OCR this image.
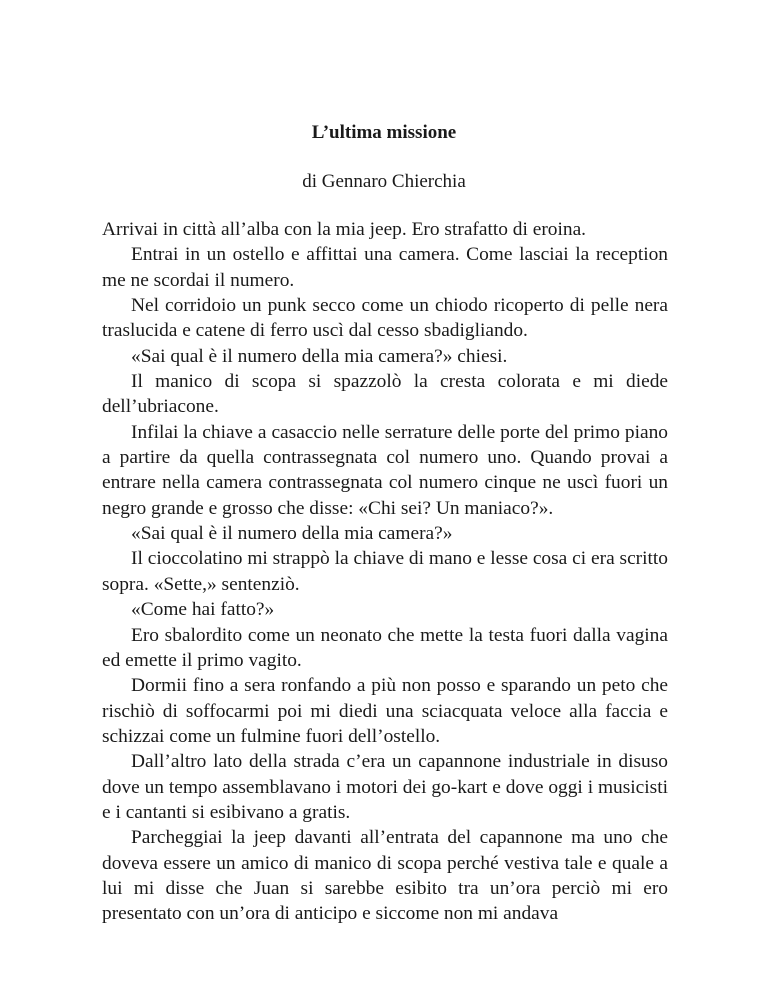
L’ultima missione
di Gennaro Chierchia

Arrivai in città all’alba con la mia jeep. Ero strafatto di eroina.

Entrai in un ostello e affittai una camera. Come lasciai la reception me ne scordai il numero.

Nel corridoio un punk secco come un chiodo ricoperto di pelle nera traslucida e catene di ferro uscì dal cesso sbadigliando.

«Sai qual è il numero della mia camera?» chiesi.

Il manico di scopa si spazzolò la cresta colorata e mi diede dell’ubriacone.

Infilai la chiave a casaccio nelle serrature delle porte del primo piano a partire da quella contrassegnata col numero uno. Quando provai a entrare nella camera contrassegnata col numero cinque ne uscì fuori un negro grande e grosso che disse: «Chi sei? Un maniaco?».

«Sai qual è il numero della mia camera?»

Il cioccolatino mi strappò la chiave di mano e lesse cosa ci era scritto sopra. «Sette,» sentenziò.

«Come hai fatto?»

Ero sbalordito come un neonato che mette la testa fuori dalla vagina ed emette il primo vagito.

Dormii fino a sera ronfando a più non posso e sparando un peto che rischiò di soffocarmi poi mi diedi una sciacquata veloce alla faccia e schizzai come un fulmine fuori dell’ostello.

Dall’altro lato della strada c’era un capannone industriale in disuso dove un tempo assemblavano i motori dei go-kart e dove oggi i musicisti e i cantanti si esibivano a gratis.

Parcheggiai la jeep davanti all’entrata del capannone ma uno che doveva essere un amico di manico di scopa perché vestiva tale e quale a lui mi disse che Juan si sarebbe esibito tra un’ora perciò mi ero presentato con un’ora di anticipo e siccome non mi andava
